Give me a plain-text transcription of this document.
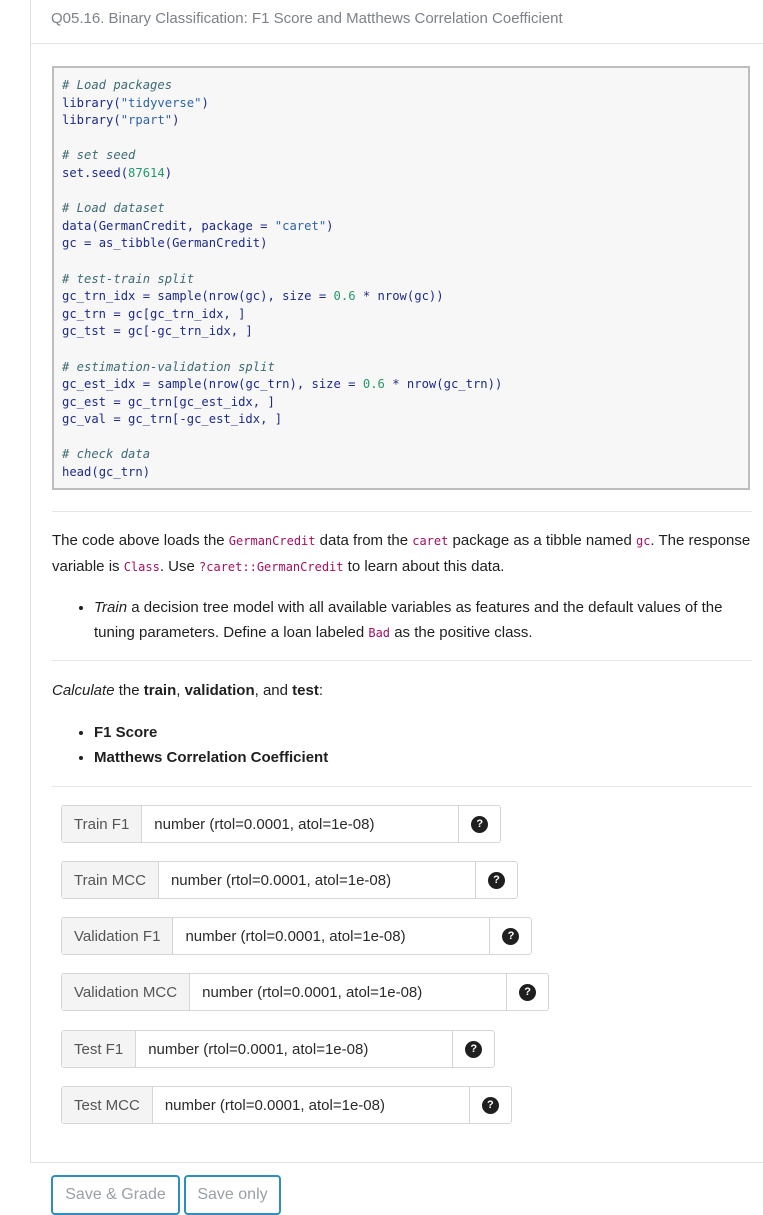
Q05.16. Binary Classification: F1 Score and Matthews Correlation Coefficient
# Load packages
library("tidyverse")
library("rpart")
# set seed
set.seed(87614)
# Load dataset
data(GermanCredit, package = "caret")
gc = as_tibble(GermanCredit)
# test-train split
gc_trn_idx = sample(nrow(gc), size = 0.6 * nrow(gc))
gc_trn = gc[gc_trn_idx, ]
gc_tst = gc[-gc_trn_idx, ]
# estimation-validation split
gc_est_idx = sample(nrow(gc_trn), size = 0.6 * nrow(gc_trn))
gc_est = gc_trn[gc_est_idx, ]
gc_val = gc_trn[-gc_est_idx, ]
# check data
head(gc_trn)
The code above loads the GermanCredit data from the caret package as a tibble named gc. The response variable is Class. Use ?caret::GermanCredit to learn about this data.
• Train a decision tree model with all available variables as features and the default values of the tuning parameters. Define a loan labeled Bad as the positive class.
Calculate the train, validation, and test:
• F1 Score
• Matthews Correlation Coefficient
Train F1	number (rtol=0.0001, atol=1e-08)	?
Train MCC	number (rtol=0.0001, atol=1e-08)	?
Validation F1	number (rtol=0.0001, atol=1e-08)	?
Validation MCC	number (rtol=0.0001, atol=1e-08)	?
Test F1	number (rtol=0.0001, atol=1e-08)	?
Test MCC	number (rtol=0.0001, atol=1e-08)	?
Save & Grade	Save only
